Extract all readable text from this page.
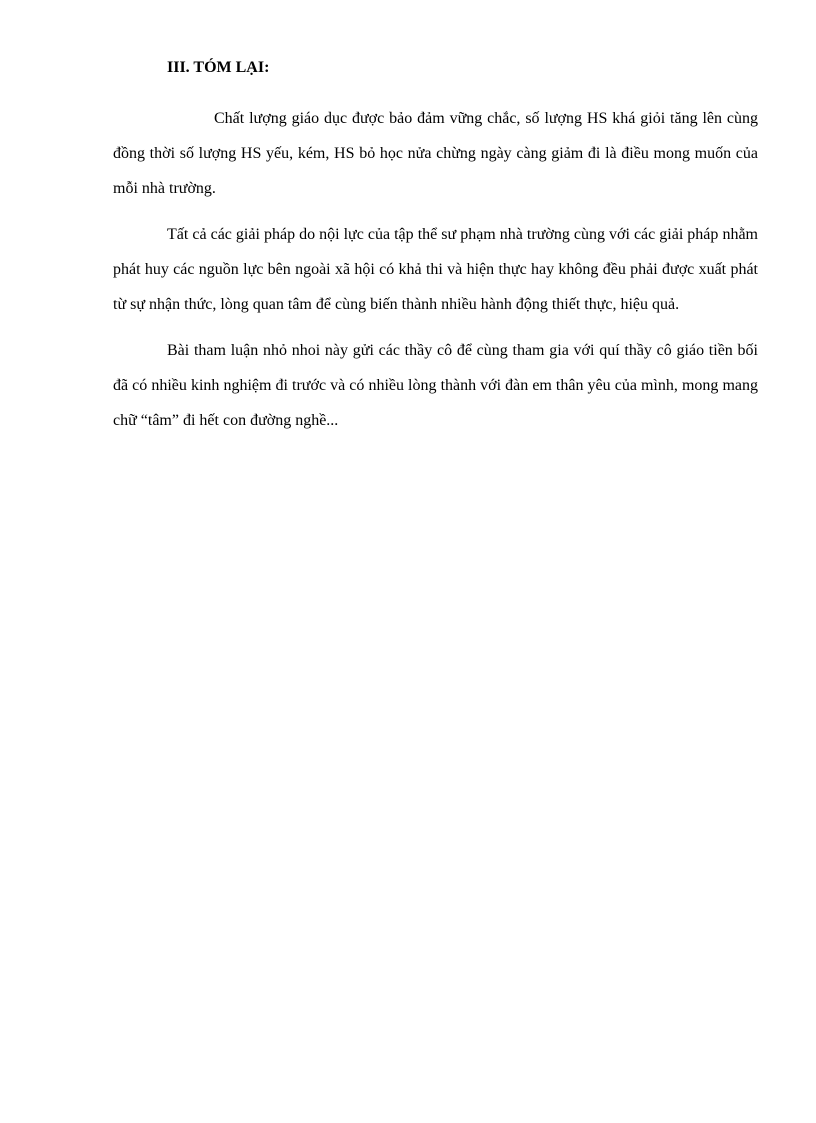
III. TÓM LẠI:

Chất lượng giáo dục được bảo đảm vững chắc, số lượng HS khá giỏi tăng lên cùng đồng thời số lượng HS yếu, kém, HS bỏ học nửa chừng ngày càng giảm đi là điều mong muốn của mỗi nhà trường.

Tất cả các giải pháp do nội lực của tập thể sư phạm nhà trường cùng với các giải pháp nhằm phát huy các nguồn lực bên ngoài xã hội có khả thi và hiện thực hay không đều phải được xuất phát từ sự nhận thức, lòng quan tâm để cùng biến thành nhiều hành động thiết thực, hiệu quả.

Bài tham luận nhỏ nhoi này gửi các thầy cô để cùng tham gia với quí thầy cô giáo tiền bối đã có nhiều kinh nghiệm đi trước và có nhiều lòng thành với đàn em thân yêu của mình, mong mang chữ “tâm” đi hết con đường nghề...
